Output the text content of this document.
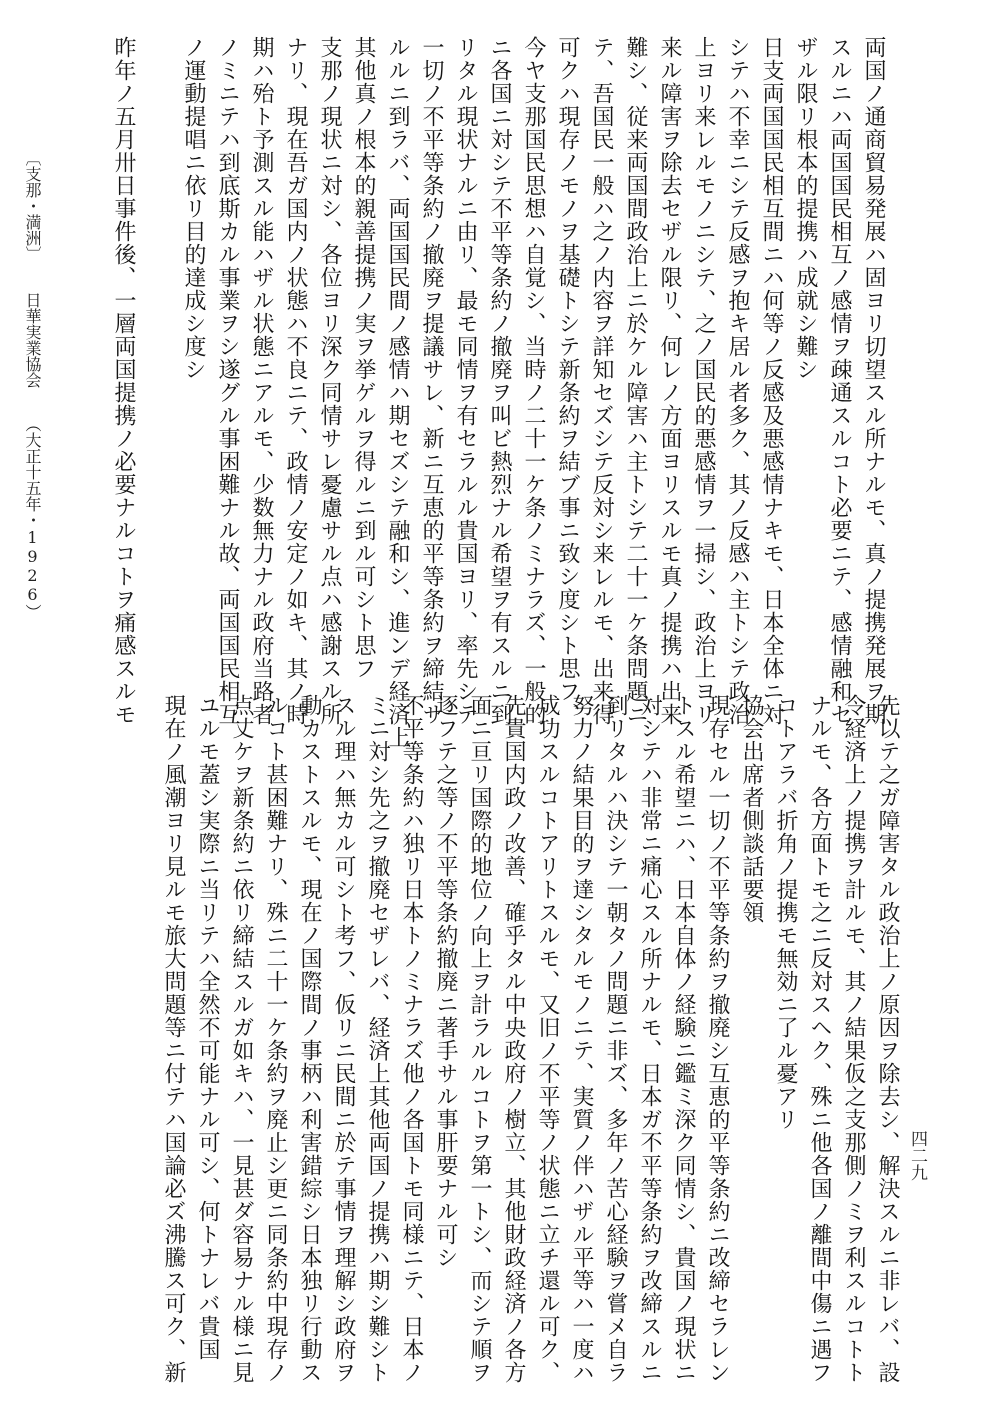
両国ノ通商貿易発展ハ固ヨリ切望スル所ナルモ、真ノ提携発展ヲ期

スルニハ両国国民相互ノ感情ヲ疎通スルコト必要ニテ、感情融和セ

ザル限リ根本的提携ハ成就シ難シ

日支両国国民相互間ニハ何等ノ反感及悪感情ナキモ、日本全体ニ対

シテハ不幸ニシテ反感ヲ抱キ居ル者多ク、其ノ反感ハ主トシテ政治

上ヨリ来レルモノニシテ、之ノ国民的悪感情ヲ一掃シ、政治上ヨリ

来ル障害ヲ除去セザル限リ、何レノ方面ヨリスルモ真ノ提携ハ出来

難シ、従来両国間政治上ニ於ケル障害ハ主トシテ二十一ケ条問題ニ

テ、吾国民一般ハ之ノ内容ヲ詳知セズシテ反対シ来レルモ、出来得

可クハ現存ノモノヲ基礎トシテ新条約ヲ結ブ事ニ致シ度シト思フ、

今ヤ支那国民思想ハ自覚シ、当時ノ二十一ケ条ノミナラズ、一般的

ニ各国ニ対シテ不平等条約ノ撤廃ヲ叫ビ熱烈ナル希望ヲ有スルニ到

リタル現状ナルニ由リ、最モ同情ヲ有セラルル貴国ヨリ、率先シテ

一切ノ不平等条約ノ撤廃ヲ提議サレ、新ニ互恵的平等条約ヲ締結サ

ルルニ到ラバ、両国国民間ノ感情ハ期セズシテ融和シ、進ンデ経済上

其他真ノ根本的親善提携ノ実ヲ挙ゲルヲ得ルニ到ル可シト思フ

支那ノ現状ニ対シ、各位ヨリ深ク同情サレ憂慮サル点ハ感謝スル所

ナリ、現在吾ガ国内ノ状態ハ不良ニテ、政情ノ安定ノ如キ、其ノ時

期ハ殆ト予測スル能ハザル状態ニアルモ、少数無力ナル政府当路者

ノミニテハ到底斯カル事業ヲシ遂グル事困難ナル故、両国国民相互

ノ運動提唱ニ依リ目的達成シ度シ

昨年ノ五月卅日事件後、一層両国提携ノ必要ナルコトヲ痛感スルモ

〔支那・満洲〕
日華実業協会
（大正十五年・1926）

先以テ之ガ障害タル政治上ノ原因ヲ除去シ、解決スルニ非レバ、設

令経済上ノ提携ヲ計ルモ、其ノ結果仮之支那側ノミヲ利スルコトト

ナルモ、各方面トモ之ニ反対スヘク、殊ニ他各国ノ離間中傷ニ遇フ

コトアラバ折角ノ提携モ無効ニ了ル憂アリ

協会出席者側談話要領

現存セル一切ノ不平等条約ヲ撤廃シ互恵的平等条約ニ改締セラレン

トスル希望ニハ、日本自体ノ経験ニ鑑ミ深ク同情シ、貴国ノ現状ニ

対シテハ非常ニ痛心スル所ナルモ、日本ガ不平等条約ヲ改締スルニ

到リタルハ決シテ一朝タノ問題ニ非ズ、多年ノ苦心経験ヲ嘗メ自ラ

努力ノ結果目的ヲ達シタルモノニテ、実質ノ伴ハザル平等ハ一度ハ

成功スルコトアリトスルモ、又旧ノ不平等ノ状態ニ立チ還ル可ク、

先貴国内政ノ改善、確乎タル中央政府ノ樹立、其他財政経済ノ各方

面ニ亘リ国際的地位ノ向上ヲ計ラルルコトヲ第一トシ、而シテ順ヲ

逐フテ之等ノ不平等条約撤廃ニ著手サル事肝要ナル可シ

不平等条約ハ独リ日本トノミナラズ他ノ各国トモ同様ニテ、日本ノ

ミニ対シ先之ヲ撤廃セザレバ、経済上其他両国ノ提携ハ期シ難シト

スル理ハ無カル可シト考フ、仮リニ民間ニ於テ事情ヲ理解シ政府ヲ

動カストスルモ、現在ノ国際間ノ事柄ハ利害錯綜シ日本独リ行動ス

ルコト甚困難ナリ、殊ニ二十一ケ条約ヲ廃止シ更ニ同条約中現存ノ

点丈ケヲ新条約ニ依リ締結スルガ如キハ、一見甚ダ容易ナル様ニ見

ユルモ蓋シ実際ニ当リテハ全然不可能ナル可シ、何トナレバ貴国

現在ノ風潮ヨリ見ルモ旅大問題等ニ付テハ国論必ズ沸騰ス可ク、新	四二九
